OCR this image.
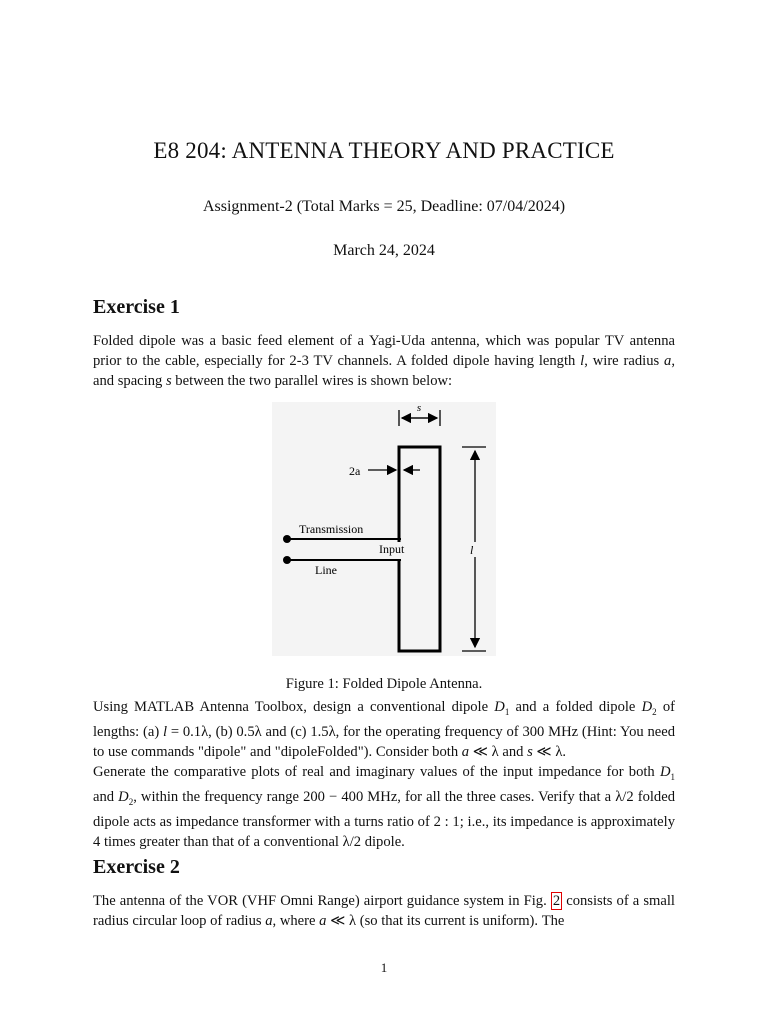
E8 204: ANTENNA THEORY AND PRACTICE
Assignment-2 (Total Marks = 25, Deadline: 07/04/2024)
March 24, 2024
Exercise 1
Folded dipole was a basic feed element of a Yagi-Uda antenna, which was popular TV antenna prior to the cable, especially for 2-3 TV channels. A folded dipole having length l, wire radius a, and spacing s between the two parallel wires is shown below:
s
2a
Transmission
Input
Line
l
Figure 1: Folded Dipole Antenna.
Using MATLAB Antenna Toolbox, design a conventional dipole $D_1$ and a folded dipole $D_2$ of lengths: (a) l = 0.1λ, (b) 0.5λ and (c) 1.5λ, for the operating frequency of 300 MHz (Hint: You need to use commands "dipole" and "dipoleFolded"). Consider both a ≪ λ and s ≪ λ.
Generate the comparative plots of real and imaginary values of the input impedance for both $D_1$ and $D_2$, within the frequency range 200 − 400 MHz, for all the three cases. Verify that a λ/2 folded dipole acts as impedance transformer with a turns ratio of 2 : 1; i.e., its impedance is approximately 4 times greater than that of a conventional λ/2 dipole.
Exercise 2
The antenna of the VOR (VHF Omni Range) airport guidance system in Fig. 2 consists of a small radius circular loop of radius a, where a ≪ λ (so that its current is uniform). The
1
